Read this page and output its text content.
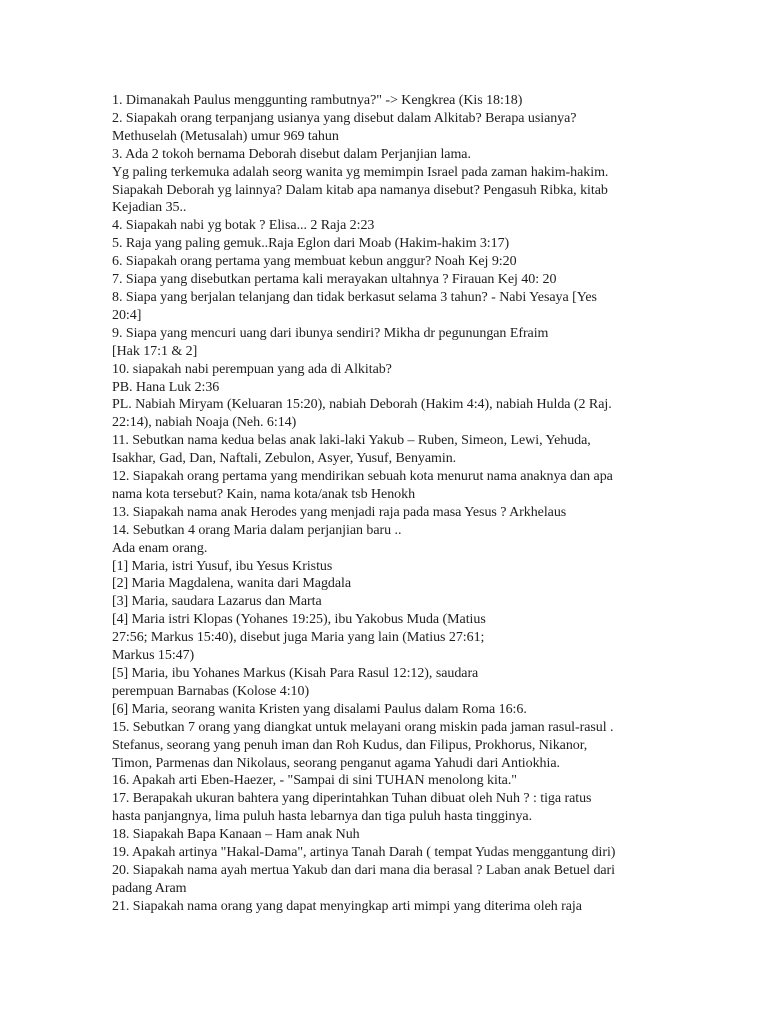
1. Dimanakah Paulus menggunting rambutnya?" -> Kengkrea (Kis 18:18)

2. Siapakah orang terpanjang usianya yang disebut dalam Alkitab? Berapa usianya?

Methuselah (Metusalah) umur 969 tahun

3. Ada 2 tokoh bernama Deborah disebut dalam Perjanjian lama.

Yg paling terkemuka adalah seorg wanita yg memimpin Israel pada zaman hakim-hakim.

Siapakah Deborah yg lainnya? Dalam kitab apa namanya disebut? Pengasuh Ribka, kitab

Kejadian 35..

4. Siapakah nabi yg botak ? Elisa... 2 Raja 2:23

5. Raja yang paling gemuk..Raja Eglon dari Moab (Hakim-hakim 3:17)

6. Siapakah orang pertama yang membuat kebun anggur? Noah Kej 9:20

7. Siapa yang disebutkan pertama kali merayakan ultahnya ? Firauan Kej 40: 20

8. Siapa yang berjalan telanjang dan tidak berkasut selama 3 tahun? - Nabi Yesaya [Yes

20:4]

9. Siapa yang mencuri uang dari ibunya sendiri? Mikha dr pegunungan Efraim

[Hak 17:1 & 2]

10. siapakah nabi perempuan yang ada di Alkitab?

PB. Hana Luk 2:36

PL. Nabiah Miryam (Keluaran 15:20), nabiah Deborah (Hakim 4:4), nabiah Hulda (2 Raj.

22:14), nabiah Noaja (Neh. 6:14)

11. Sebutkan nama kedua belas anak laki-laki Yakub – Ruben, Simeon, Lewi, Yehuda,

Isakhar, Gad, Dan, Naftali, Zebulon, Asyer, Yusuf, Benyamin.

12. Siapakah orang pertama yang mendirikan sebuah kota menurut nama anaknya dan apa

nama kota tersebut? Kain, nama kota/anak tsb Henokh

13. Siapakah nama anak Herodes yang menjadi raja pada masa Yesus ? Arkhelaus

14. Sebutkan 4 orang Maria dalam perjanjian baru ..

Ada enam orang.

[1] Maria, istri Yusuf, ibu Yesus Kristus

[2] Maria Magdalena, wanita dari Magdala

[3] Maria, saudara Lazarus dan Marta

[4] Maria istri Klopas (Yohanes 19:25), ibu Yakobus Muda (Matius

27:56; Markus 15:40), disebut juga Maria yang lain (Matius 27:61;

Markus 15:47)

[5] Maria, ibu Yohanes Markus (Kisah Para Rasul 12:12), saudara

perempuan Barnabas (Kolose 4:10)

[6] Maria, seorang wanita Kristen yang disalami Paulus dalam Roma 16:6.

15. Sebutkan 7 orang yang diangkat untuk melayani orang miskin pada jaman rasul-rasul .

Stefanus, seorang yang penuh iman dan Roh Kudus, dan Filipus, Prokhorus, Nikanor,

Timon, Parmenas dan Nikolaus, seorang penganut agama Yahudi dari Antiokhia.

16. Apakah arti Eben-Haezer, - "Sampai di sini TUHAN menolong kita."

17. Berapakah ukuran bahtera yang diperintahkan Tuhan dibuat oleh Nuh ? : tiga ratus

hasta panjangnya, lima puluh hasta lebarnya dan tiga puluh hasta tingginya.

18. Siapakah Bapa Kanaan – Ham anak Nuh

19. Apakah artinya "Hakal-Dama", artinya Tanah Darah ( tempat Yudas menggantung diri)

20. Siapakah nama ayah mertua Yakub dan dari mana dia berasal ? Laban anak Betuel dari

padang Aram

21. Siapakah nama orang yang dapat menyingkap arti mimpi yang diterima oleh raja
